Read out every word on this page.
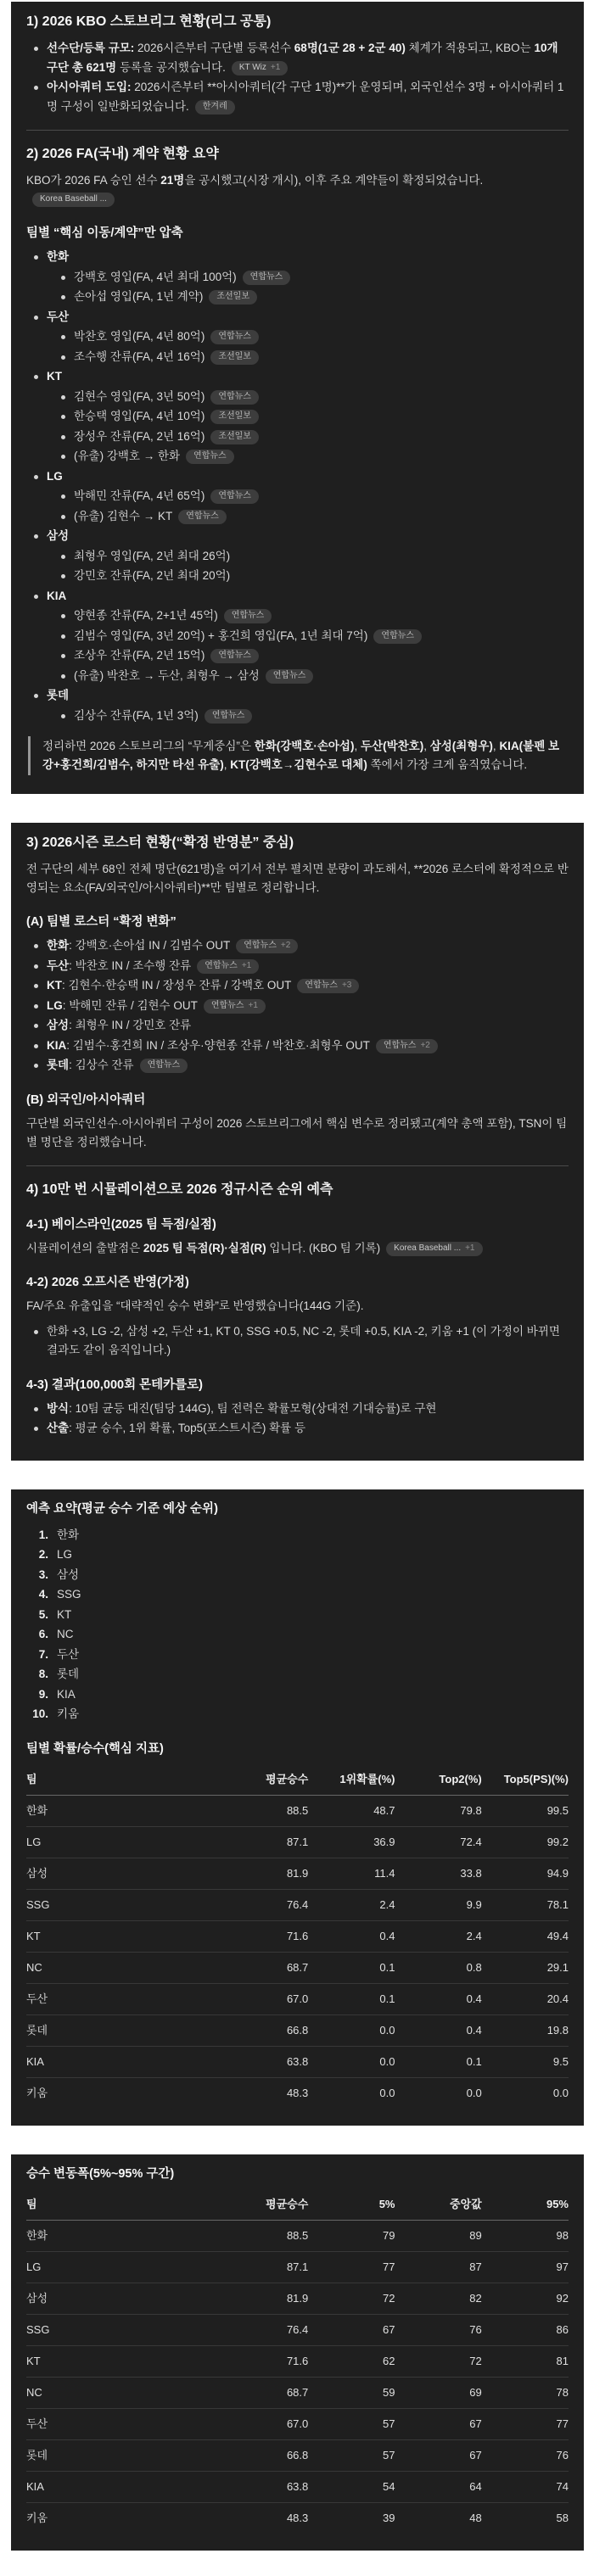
1) 2026 KBO 스토브리그 현황(리그 공통)
선수단/등록 규모: 2026시즌부터 구단별 등록선수 68명(1군 28 + 2군 40) 체계가 적용되고, KBO는 10개 구단 총 621명 등록을 공지했습니다. KT Wiz +1
아시아쿼터 도입: 2026시즌부터 **아시아쿼터(각 구단 1명)**가 운영되며, 외국인선수 3명 + 아시아쿼터 1명 구성이 일반화되었습니다. 한겨레
2) 2026 FA(국내) 계약 현황 요약

KBO가 2026 FA 승인 선수 21명을 공시했고(시장 개시), 이후 주요 계약들이 확정되었습니다.Korea Baseball ...

팀별 “핵심 이동/계약”만 압축
한화
강백호 영입(FA, 4년 최대 100억) 연합뉴스
손아섭 영입(FA, 1년 계약) 조선일보
두산
박찬호 영입(FA, 4년 80억) 연합뉴스
조수행 잔류(FA, 4년 16억) 조선일보
KT
김현수 영입(FA, 3년 50억) 연합뉴스
한승택 영입(FA, 4년 10억) 조선일보
장성우 잔류(FA, 2년 16억) 조선일보
(유출) 강백호 → 한화 연합뉴스
LG
박해민 잔류(FA, 4년 65억) 연합뉴스
(유출) 김현수 → KT 연합뉴스
삼성
최형우 영입(FA, 2년 최대 26억)
강민호 잔류(FA, 2년 최대 20억)
KIA
양현종 잔류(FA, 2+1년 45억) 연합뉴스
김범수 영입(FA, 3년 20억) + 홍건희 영입(FA, 1년 최대 7억) 연합뉴스
조상우 잔류(FA, 2년 15억) 연합뉴스
(유출) 박찬호 → 두산, 최형우 → 삼성 연합뉴스
롯데
김상수 잔류(FA, 1년 3억) 연합뉴스
정리하면 2026 스토브리그의 “무게중심”은 한화(강백호·손아섭), 두산(박찬호), 삼성(최형우), KIA(불펜 보강+홍건희/김범수, 하지만 타선 유출), KT(강백호→김현수로 대체) 쪽에서 가장 크게 움직였습니다.
3) 2026시즌 로스터 현황(“확정 반영분” 중심)

전 구단의 세부 68인 전체 명단(621명)을 여기서 전부 펼치면 분량이 과도해서, **2026 로스터에 확정적으로 반영되는 요소(FA/외국인/아시아쿼터)**만 팀별로 정리합니다.

(A) 팀별 로스터 “확정 변화”
한화: 강백호·손아섭 IN / 김범수 OUT 연합뉴스 +2
두산: 박찬호 IN / 조수행 잔류 연합뉴스 +1
KT: 김현수·한승택 IN / 장성우 잔류 / 강백호 OUT 연합뉴스 +3
LG: 박해민 잔류 / 김현수 OUT 연합뉴스 +1
삼성: 최형우 IN / 강민호 잔류
KIA: 김범수·홍건희 IN / 조상우·양현종 잔류 / 박찬호·최형우 OUT 연합뉴스 +2
롯데: 김상수 잔류 연합뉴스
(B) 외국인/아시아쿼터

구단별 외국인선수·아시아쿼터 구성이 2026 스토브리그에서 핵심 변수로 정리됐고(계약 총액 포함), TSN이 팀별 명단을 정리했습니다.

4) 10만 번 시뮬레이션으로 2026 정규시즌 순위 예측
4-1) 베이스라인(2025 팀 득점/실점)

시뮬레이션의 출발점은 2025 팀 득점(R)·실점(R) 입니다. (KBO 팀 기록) Korea Baseball ... +1

4-2) 2026 오프시즌 반영(가정)

FA/주요 유출입을 “대략적인 승수 변화”로 반영했습니다(144G 기준).

한화 +3, LG -2, 삼성 +2, 두산 +1, KT 0, SSG +0.5, NC -2, 롯데 +0.5, KIA -2, 키움 +1 (이 가정이 바뀌면 결과도 같이 움직입니다.)
4-3) 결과(100,000회 몬테카를로)
방식: 10팀 균등 대진(팀당 144G), 팀 전력은 확률모형(상대전 기대승률)로 구현
산출: 평균 승수, 1위 확률, Top5(포스트시즌) 확률 등
예측 요약(평균 승수 기준 예상 순위)
한화
LG
삼성
SSG
KT
NC
두산
롯데
KIA
키움
팀별 확률/승수(핵심 지표)
팀	평균승수	1위확률(%)	Top2(%)	Top5(PS)(%)
한화	88.5	48.7	79.8	99.5
LG	87.1	36.9	72.4	99.2
삼성	81.9	11.4	33.8	94.9
SSG	76.4	2.4	9.9	78.1
KT	71.6	0.4	2.4	49.4
NC	68.7	0.1	0.8	29.1
두산	67.0	0.1	0.4	20.4
롯데	66.8	0.0	0.4	19.8
KIA	63.8	0.0	0.1	9.5
키움	48.3	0.0	0.0	0.0
승수 변동폭(5%~95% 구간)
팀	평균승수	5%	중앙값	95%
한화	88.5	79	89	98
LG	87.1	77	87	97
삼성	81.9	72	82	92
SSG	76.4	67	76	86
KT	71.6	62	72	81
NC	68.7	59	69	78
두산	67.0	57	67	77
롯데	66.8	57	67	76
KIA	63.8	54	64	74
키움	48.3	39	48	58
